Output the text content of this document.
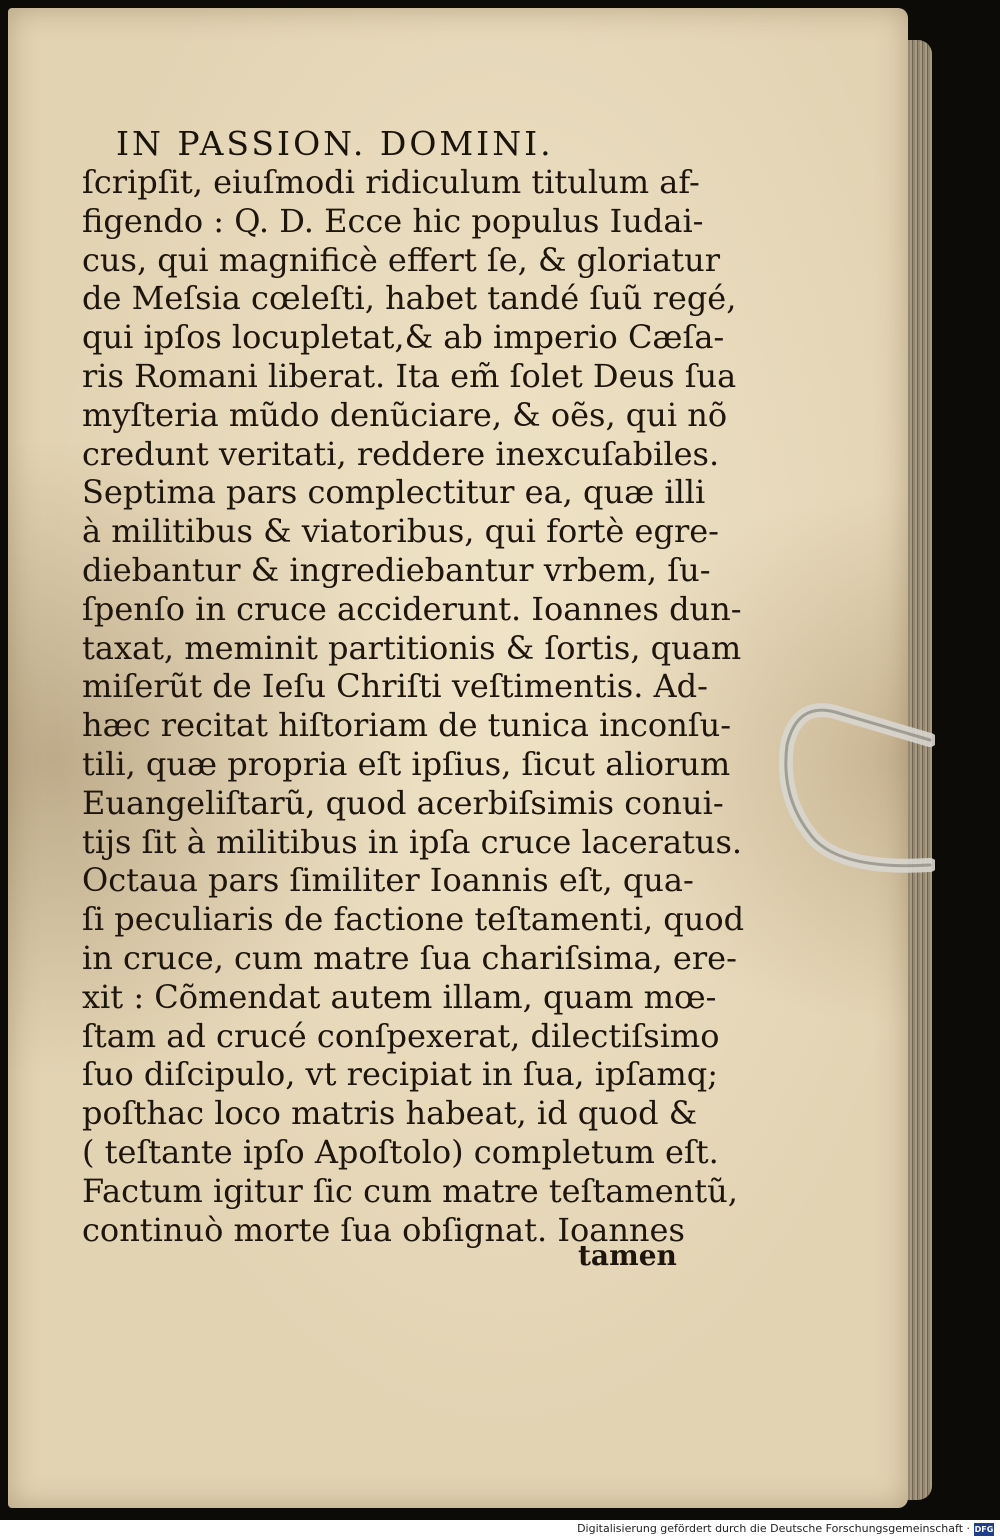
IN PASSION. DOMINI.
ſcripſit, eiuſmodi ridiculum titulum af-
figendo : Q. D. Ecce hic populus Iudai-
cus, qui magnificè effert ſe, & gloriatur
de Meſsia cœleſti, habet tandé ſuũ regé,
qui ipſos locupletat,& ab imperio Cæſa-
ris Romani liberat. Ita em̃ ſolet Deus ſua
myſteria mũdo denũciare, & oẽs, qui nõ
credunt veritati, reddere inexcuſabiles.
Septima pars complectitur ea, quæ illi
à militibus & viatoribus, qui fortè egre-
diebantur & ingrediebantur vrbem, ſu-
ſpenſo in cruce acciderunt. Ioannes dun-
taxat, meminit partitionis & ſortis, quam
miſerũt de Ieſu Chriſti veſtimentis. Ad-
hæc recitat hiſtoriam de tunica inconſu-
tili, quæ propria eſt ipſius, ſicut aliorum
Euangeliſtarũ, quod acerbiſsimis conui-
tijs ſit à militibus in ipſa cruce laceratus.
Octaua pars ſimiliter Ioannis eſt, qua-
ſi peculiaris de factione teſtamenti, quod
in cruce, cum matre ſua chariſsima, ere-
xit : Cõmendat autem illam, quam mœ-
ſtam ad crucé conſpexerat, dilectiſsimo
ſuo diſcipulo, vt recipiat in ſua, ipſamq;
poſthac loco matris habeat, id quod &
( teſtante ipſo Apoſtolo) completum eſt.
Factum igitur ſic cum matre teſtamentũ,
continuò morte ſua obſignat. Ioannes
tamen
Digitalisierung gefördert durch die Deutsche Forschungsgemeinschaft · DFG
